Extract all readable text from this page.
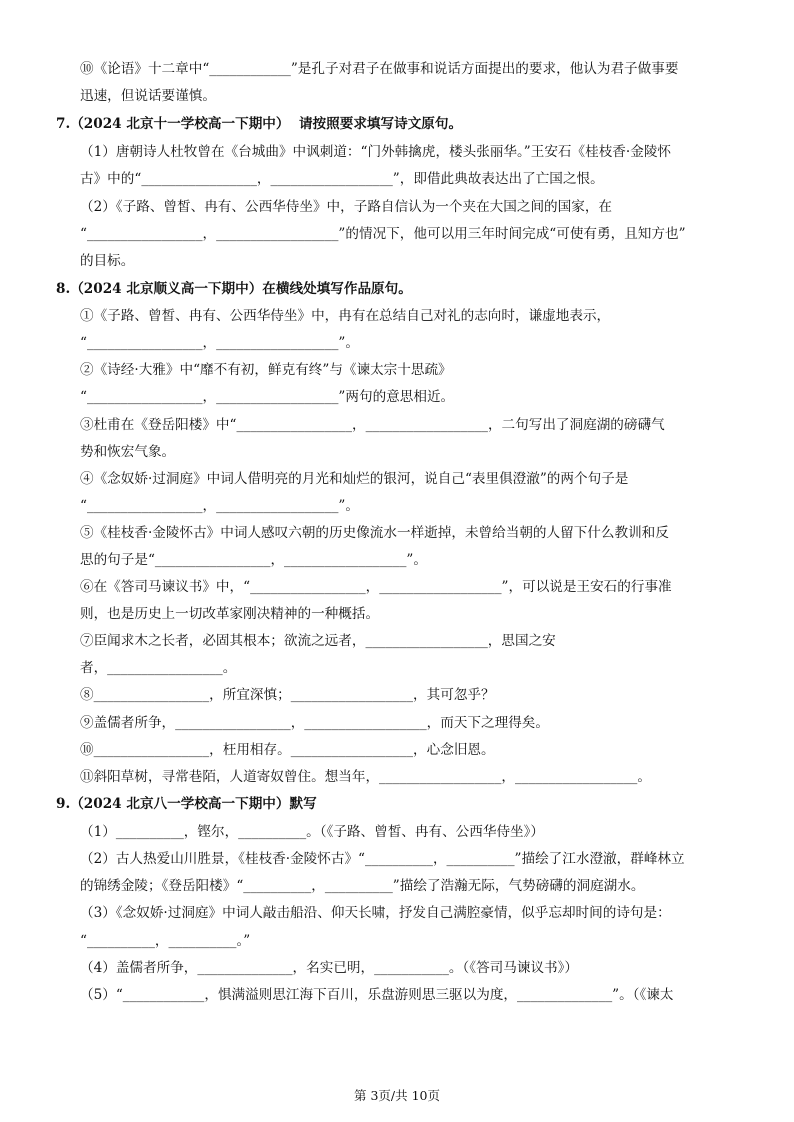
⑩《论语》十二章中“____________”是孔子对君子在做事和说话方面提出的要求，他认为君子做事要
迅速，但说话要谨慎。
7.（2024 北京十一学校高一下期中）  请按照要求填写诗文原句。
（1）唐朝诗人杜牧曾在《台城曲》中讽刺道：“门外韩擒虎，楼头张丽华。”王安石《桂枝香·金陵怀
古》中的“_________________，__________________”，即借此典故表达出了亡国之恨。
（2）《子路、曾皙、冉有、公西华侍坐》中，子路自信认为一个夹在大国之间的国家，在
“_________________，__________________”的情况下，他可以用三年时间完成“可使有勇，且知方也”
的目标。
8.（2024 北京顺义高一下期中）在横线处填写作品原句。
①《子路、曾皙、冉有、公西华侍坐》中，冉有在总结自己对礼的志向时，谦虚地表示，
“_________________，__________________”。
②《诗经·大雅》中“靡不有初，鲜克有终”与《谏太宗十思疏》
“_________________，__________________”两句的意思相近。
③杜甫在《登岳阳楼》中“_________________，__________________，二句写出了洞庭湖的磅礴气
势和恢宏气象。
④《念奴娇·过洞庭》中词人借明亮的月光和灿烂的银河，说自己“表里俱澄澈”的两个句子是
“_________________，__________________”。
⑤《桂枝香·金陵怀古》中词人感叹六朝的历史像流水一样逝掉，未曾给当朝的人留下什么教训和反
思的句子是“_________________，__________________”。
⑥在《答司马谏议书》中，“_________________，__________________”，可以说是王安石的行事准
则，也是历史上一切改革家刚决精神的一种概括。
⑦臣闻求木之长者，必固其根本；欲流之远者，__________________，思国之安
者，_________________。
⑧_________________，所宜深慎；__________________，其可忽乎？
⑨盖儒者所争，_________________，__________________，而天下之理得矣。
⑩_________________，枉用相存。__________________，心念旧恩。
⑪斜阳草树，寻常巷陌，人道寄奴曾住。想当年，__________________，__________________。
9.（2024 北京八一学校高一下期中）默写
（1）__________，铿尔，__________。（《子路、曾皙、冉有、公西华侍坐》）
（2）古人热爱山川胜景，《桂枝香·金陵怀古》“__________，__________”描绘了江水澄澈，群峰林立
的锦绣金陵；《登岳阳楼》“__________，__________”描绘了浩瀚无际，气势磅礴的洞庭湖水。
（3）《念奴娇·过洞庭》中词人敲击船沿、仰天长啸，抒发自己满腔豪情，似乎忘却时间的诗句是：
“__________，__________。”
（4）盖儒者所争，______________，名实已明，___________。（《答司马谏议书》）
（5）“____________，惧满溢则思江海下百川，乐盘游则思三驱以为度，______________”。（《谏太
第 3页/共 10页
